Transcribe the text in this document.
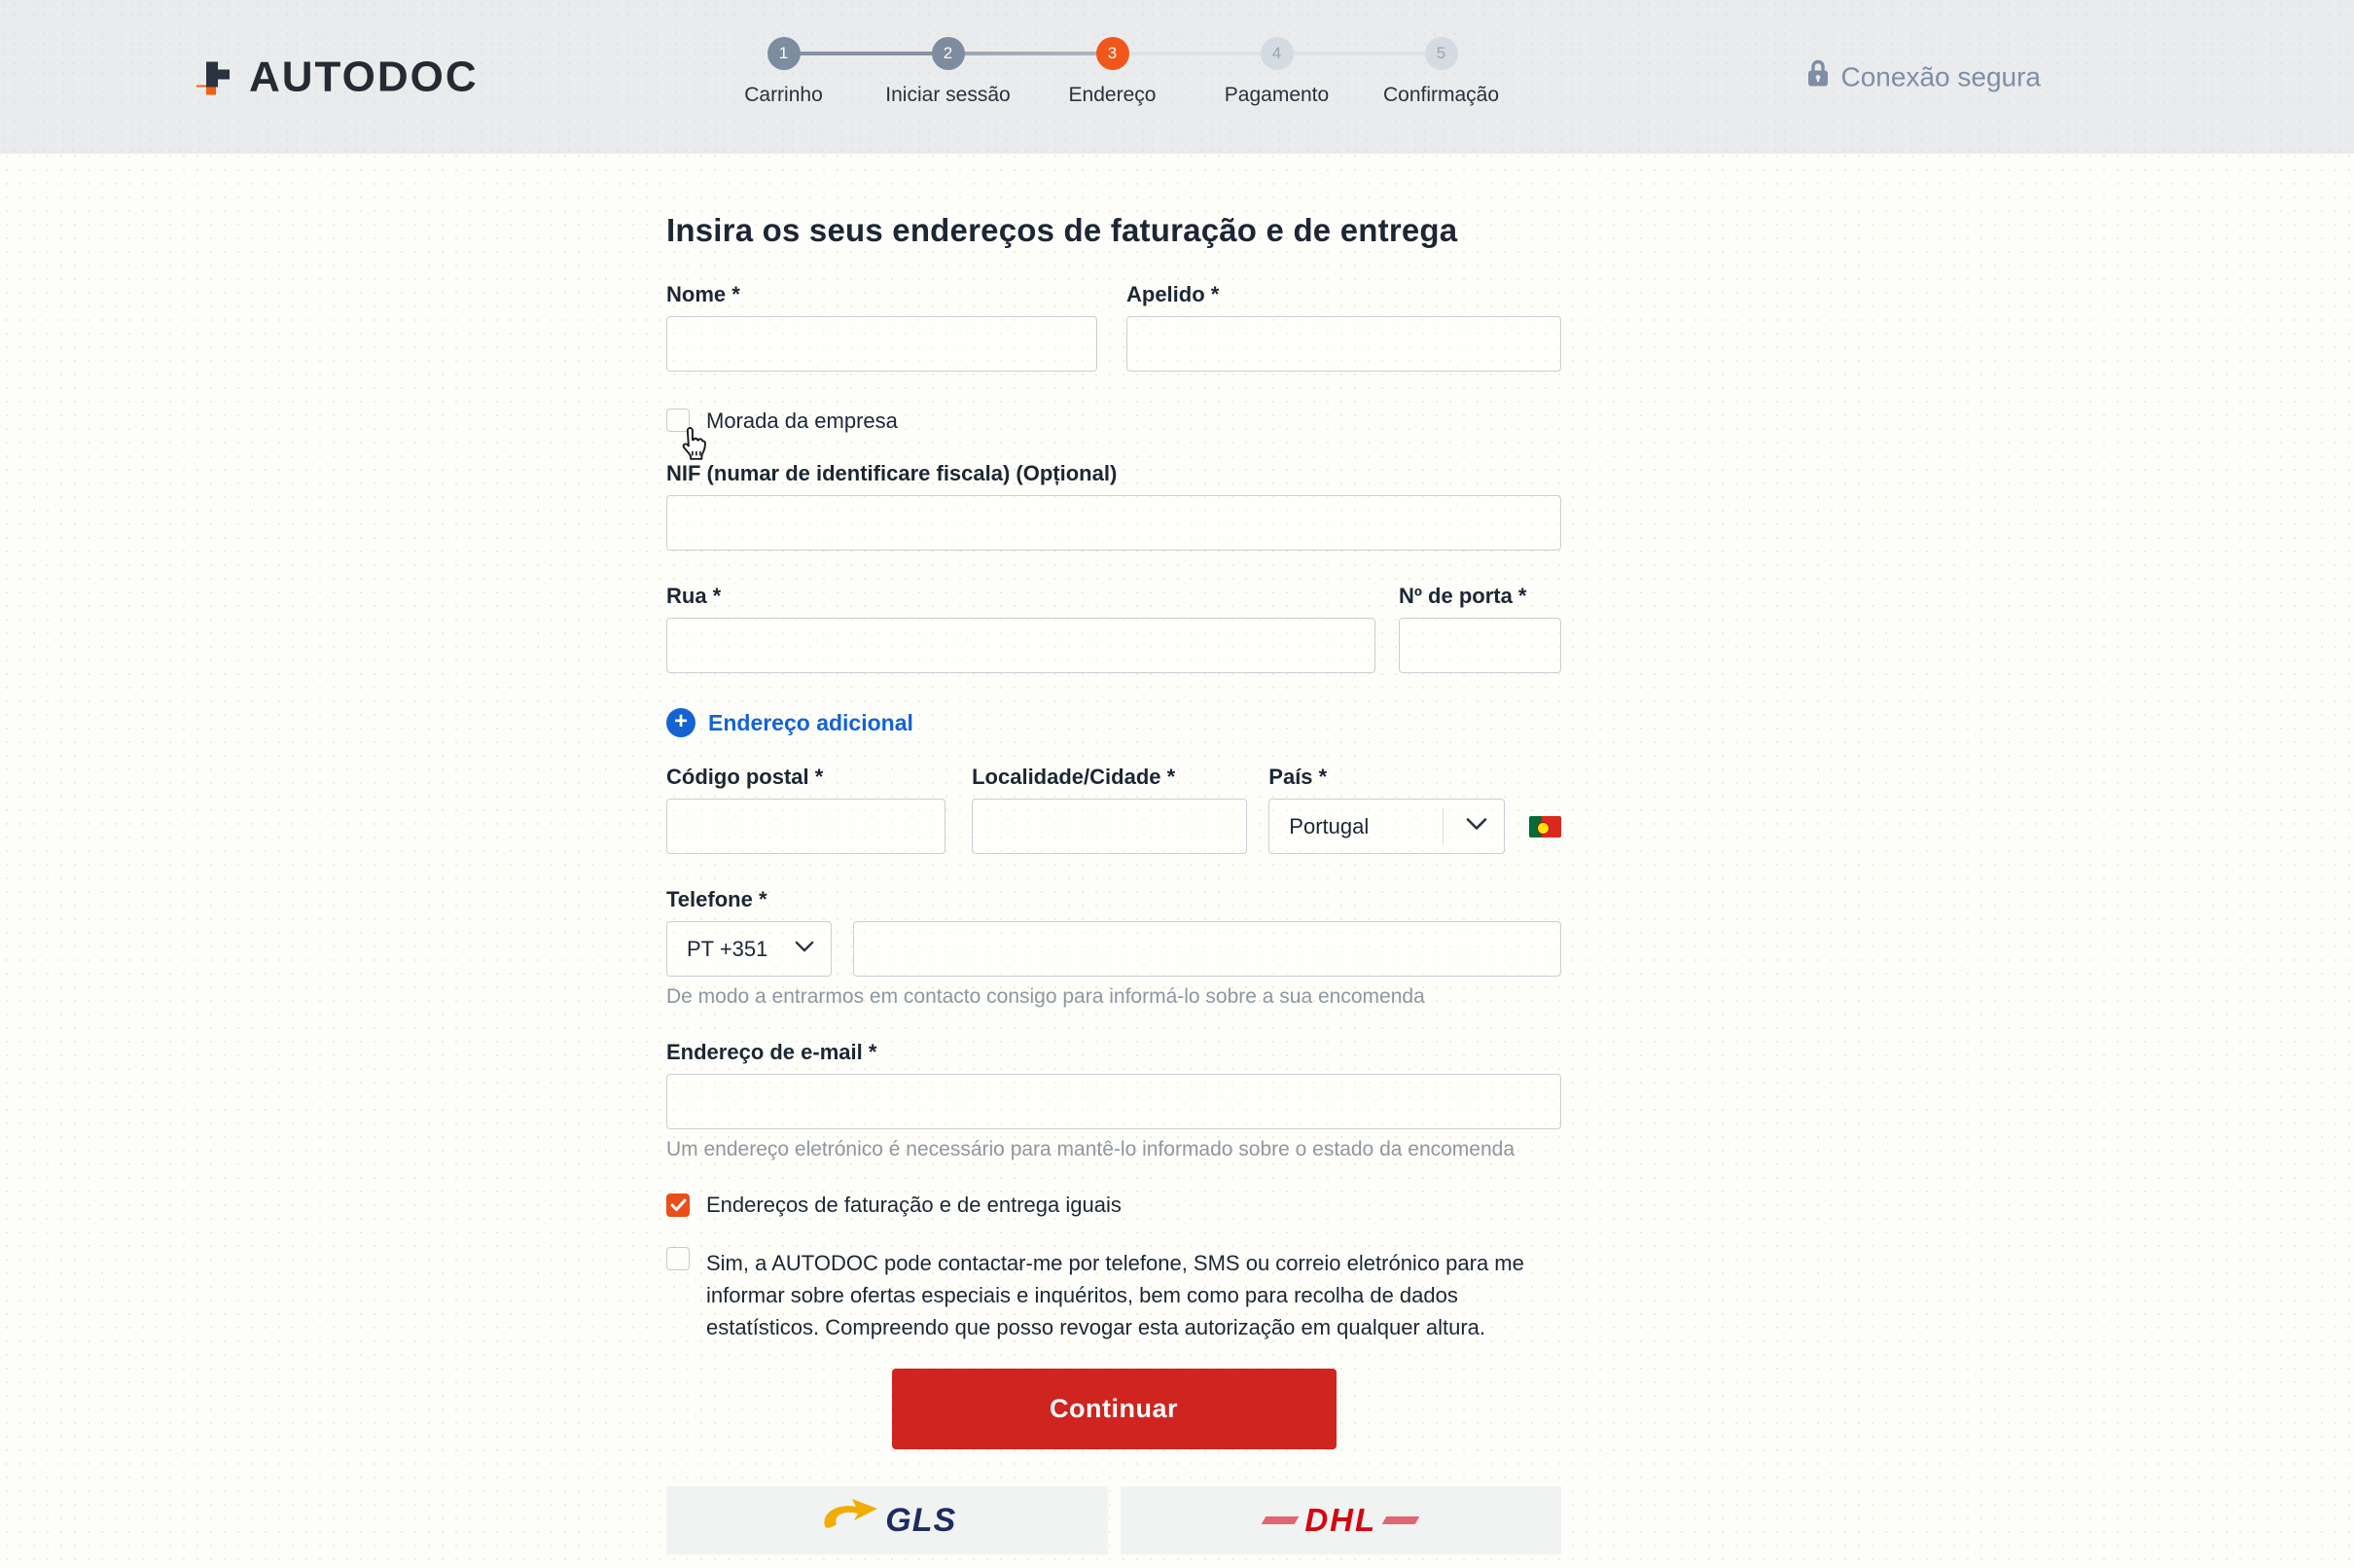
AUTODOC	1
Carrinho
2
Iniciar sessão
3
Endereço
4
Pagamento
5
Confirmação
Conexão segura
Insira os seus endereços de faturação e de entrega
Nome *	Apelido *
Morada da empresa
NIF (numar de identificare fiscala) (Opțional)
Rua *	Nº de porta *
+ Endereço adicional
Código postal *	Localidade/Cidade *	País *
Portugal
Telefone *
PT +351
De modo a entrarmos em contacto consigo para informá-lo sobre a sua encomenda
Endereço de e-mail *
Um endereço eletrónico é necessário para mantê-lo informado sobre o estado da encomenda
Endereços de faturação e de entrega iguais
Sim, a AUTODOC pode contactar-me por telefone, SMS ou correio eletrónico para me informar sobre ofertas especiais e inquéritos, bem como para recolha de dados estatísticos. Compreendo que posso revogar esta autorização em qualquer altura.
Continuar
GLS	DHL
